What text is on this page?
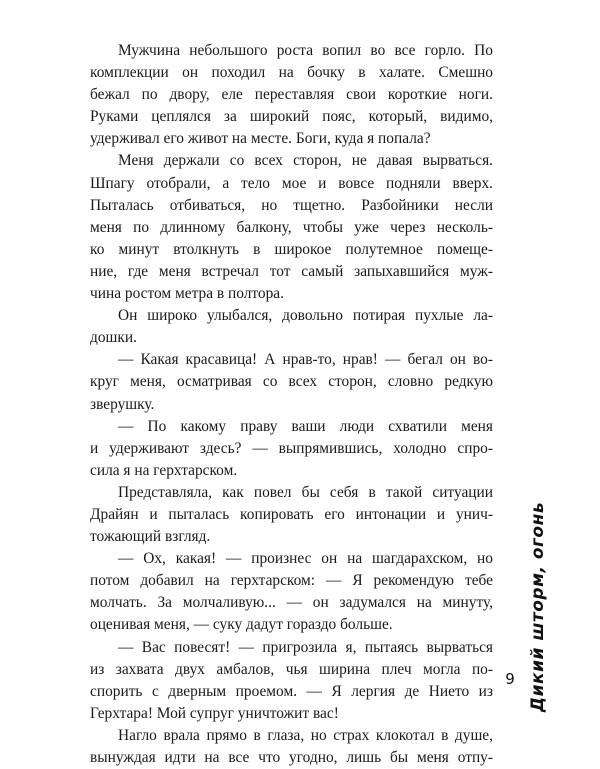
Мужчина небольшого роста вопил во все горло. По
комплекции он походил на бочку в халате. Смешно
бежал по двору, еле переставляя свои короткие ноги.
Руками цеплялся за широкий пояс, который, видимо,
удерживал его живот на месте. Боги, куда я попала?
Меня держали со всех сторон, не давая вырваться.
Шпагу отобрали, а тело мое и вовсе подняли вверх.
Пыталась отбиваться, но тщетно. Разбойники несли
меня по длинному балкону, чтобы уже через несколь-
ко минут втолкнуть в широкое полутемное помеще-
ние, где меня встречал тот самый запыхавшийся муж-
чина ростом метра в полтора.
Он широко улыбался, довольно потирая пухлые ла-
дошки.
— Какая красавица! А нрав-то, нрав! — бегал он во-
круг меня, осматривая со всех сторон, словно редкую
зверушку.
— По какому праву ваши люди схватили меня
и удерживают здесь? — выпрямившись, холодно спро-
сила я на герхтарском.
Представляла, как повел бы себя в такой ситуации
Драйян и пыталась копировать его интонации и унич-
тожающий взгляд.
— Ох, какая! — произнес он на шагдарахском, но
потом добавил на герхтарском: — Я рекомендую тебе
молчать. За молчаливую... — он задумался на минуту,
оценивая меня, — суку дадут гораздо больше.
— Вас повесят! — пригрозила я, пытаясь вырваться
из захвата двух амбалов, чья ширина плеч могла по-
спорить с дверным проемом. — Я лергия де Нието из
Герхтара! Мой супруг уничтожит вас!
Нагло врала прямо в глаза, но страх клокотал в душе,
вынуждая идти на все что угодно, лишь бы меня отпу-
Дикий шторм, огонь
9
